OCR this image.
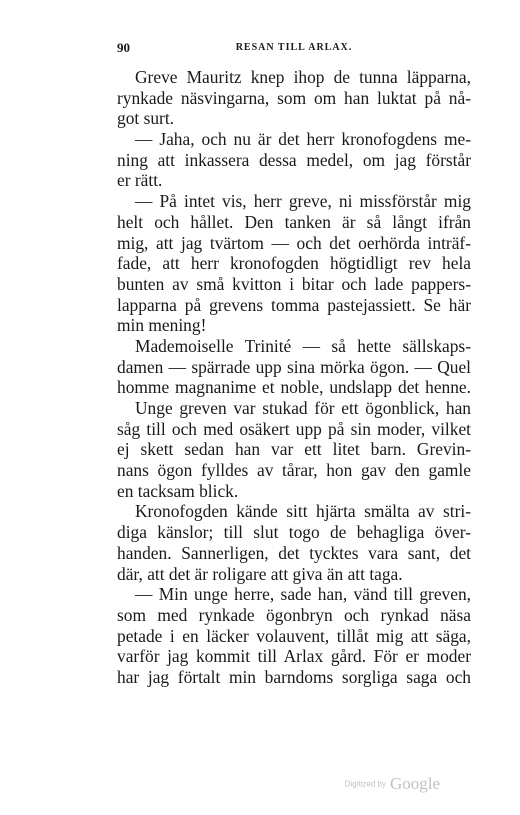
90	RESAN TILL ARLAX.
Greve Mauritz knep ihop de tunna läpparna,
rynkade näsvingarna, som om han luktat på nå-
got surt.
— Jaha, och nu är det herr kronofogdens me-
ning att inkassera dessa medel, om jag förstår
er rätt.
— På intet vis, herr greve, ni missförstår mig
helt och hållet. Den tanken är så långt ifrån
mig, att jag tvärtom — och det oerhörda inträf-
fade, att herr kronofogden högtidligt rev hela
bunten av små kvitton i bitar och lade pappers-
lapparna på grevens tomma pastejassiett. Se här
min mening!
Mademoiselle Trinité — så hette sällskaps-
damen — spärrade upp sina mörka ögon. — Quel
homme magnanime et noble, undslapp det henne.
Unge greven var stukad för ett ögonblick, han
såg till och med osäkert upp på sin moder, vilket
ej skett sedan han var ett litet barn. Grevin-
nans ögon fylldes av tårar, hon gav den gamle
en tacksam blick.
Kronofogden kände sitt hjärta smälta av stri-
diga känslor; till slut togo de behagliga över-
handen. Sannerligen, det tycktes vara sant, det
där, att det är roligare att giva än att taga.
— Min unge herre, sade han, vänd till greven,
som med rynkade ögonbryn och rynkad näsa
petade i en läcker volauvent, tillåt mig att säga,
varför jag kommit till Arlax gård. För er moder
har jag förtalt min barndoms sorgliga saga och
Digitized by Google
